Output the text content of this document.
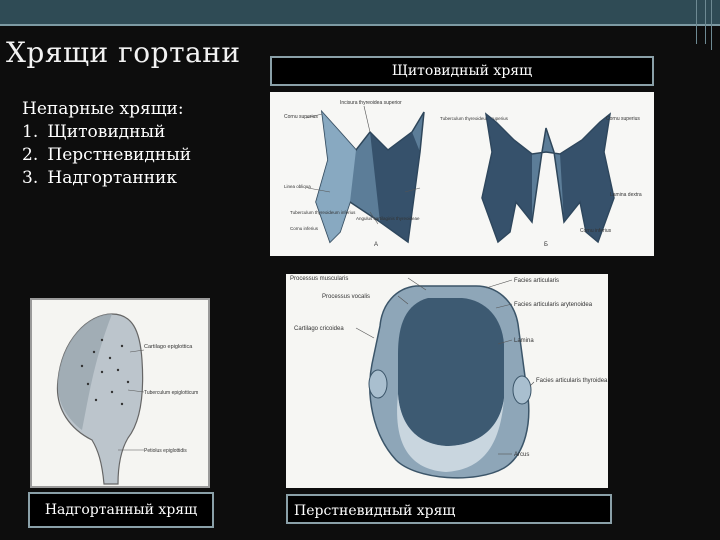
Хрящи гортани
Непарные хрящи:
1. Щитовидный
2. Перстневидный
3. Надгортанник
Щитовидный хрящ
Cornu superius
Incisura thyreoidea superior
Tuberculum thyreoideum superius
Linea obliqua
Tuberculum thyreoideum inferius
Cornu inferius
Angulus cartilaginis thyreoideae
A
Cornu superius
Lamina dextra
Cornu inferius
Б
Cartilago epiglottica
Tuberculum epiglotticum
Petiolus epiglottidis
Надгортанный хрящ
Processus muscularis
Processus vocalis
Cartilago cricoidea
Facies articularis
Facies articularis arytenoidea
Lamina
Facies articularis thyroidea
Arcus
Перстневидный хрящ
